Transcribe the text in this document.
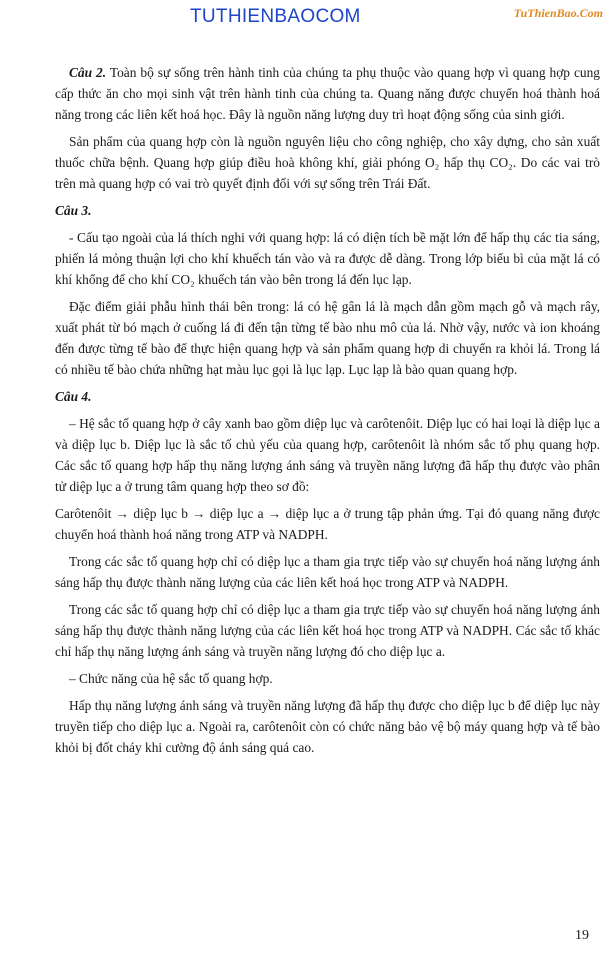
TUTHIENBAOCOM	TuThienBao.Com

Câu 2. Toàn bộ sự sống trên hành tinh của chúng ta phụ thuộc vào quang hợp vì quang hợp cung cấp thức ăn cho mọi sinh vật trên hành tinh của chúng ta. Quang năng được chuyển hoá thành hoá năng trong các liên kết hoá học. Đây là nguồn năng lượng duy trì hoạt động sống của sinh giới.

Sản phẩm của quang hợp còn là nguồn nguyên liệu cho công nghiệp, cho xây dựng, cho sản xuất thuốc chữa bệnh. Quang hợp giúp điều hoà không khí, giải phóng O₂ hấp thụ CO₂. Do các vai trò trên mà quang hợp có vai trò quyết định đối với sự sống trên Trái Đất.

Câu 3.

- Cấu tạo ngoài của lá thích nghi với quang hợp: lá có diện tích bề mặt lớn để hấp thụ các tia sáng, phiến lá mỏng thuận lợi cho khí khuếch tán vào và ra được dễ dàng. Trong lớp biểu bì của mặt lá có khí khổng để cho khí CO₂ khuếch tán vào bên trong lá đến lục lạp.

Đặc điểm giải phẫu hình thái bên trong: lá có hệ gân lá là mạch dẫn gồm mạch gỗ và mạch rây, xuất phát từ bó mạch ở cuống lá đi đến tận từng tế bào nhu mô của lá. Nhờ vậy, nước và ion khoáng đến được từng tế bào để thực hiện quang hợp và sản phẩm quang hợp di chuyển ra khỏi lá. Trong lá có nhiều tế bào chứa những hạt màu lục gọi là lục lạp. Lục lạp là bào quan quang hợp.

Câu 4.

– Hệ sắc tố quang hợp ở cây xanh bao gồm diệp lục và carôtenôit. Diệp lục có hai loại là diệp lục a và diệp lục b. Diệp lục là sắc tố chủ yếu của quang hợp, carôtenôit là nhóm sắc tố phụ quang hợp. Các sắc tố quang hợp hấp thụ năng lượng ánh sáng và truyền năng lượng đã hấp thụ được vào phân tử diệp lục a ở trung tâm quang hợp theo sơ đồ:

Carôtenôit → diệp lục b → diệp lục a → diệp lục a ở trung tập phản ứng. Tại đó quang năng được chuyển hoá thành hoá năng trong ATP và NADPH.

Trong các sắc tố quang hợp chỉ có diệp lục a tham gia trực tiếp vào sự chuyển hoá năng lượng ánh sáng hấp thụ được thành năng lượng của các liên kết hoá học trong ATP và NADPH.

Trong các sắc tố quang hợp chỉ có diệp lục a tham gia trực tiếp vào sự chuyển hoá năng lượng ánh sáng hấp thụ được thành năng lượng của các liên kết hoá học trong ATP và NADPH. Các sắc tố khác chỉ hấp thụ năng lượng ánh sáng và truyền năng lượng đó cho diệp lục a.

– Chức năng của hệ sắc tố quang hợp.

Hấp thụ năng lượng ánh sáng và truyền năng lượng đã hấp thụ được cho diệp lục b để diệp lục này truyền tiếp cho diệp lục a. Ngoài ra, carôtenôit còn có chức năng bảo vệ bộ máy quang hợp và tế bào khỏi bị đốt cháy khi cường độ ánh sáng quá cao.

19
